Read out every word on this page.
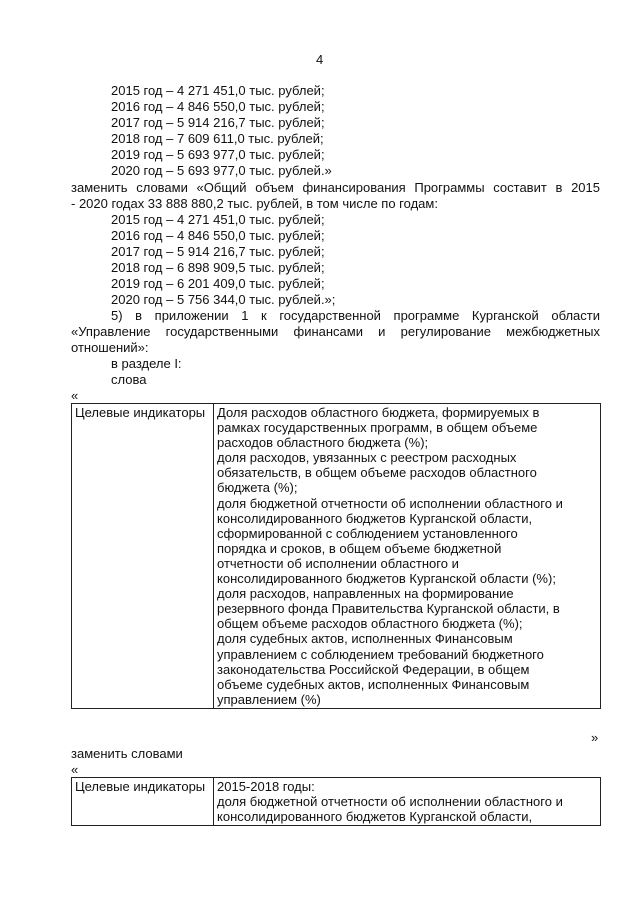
4
2015 год – 4 271 451,0 тыс. рублей;
2016 год – 4 846 550,0 тыс. рублей;
2017 год – 5 914 216,7 тыс. рублей;
2018 год – 7 609 611,0 тыс. рублей;
2019 год – 5 693 977,0 тыс. рублей;
2020 год – 5 693 977,0 тыс. рублей.»
заменить словами «Общий объем финансирования Программы составит в 2015
- 2020 годах 33 888 880,2 тыс. рублей, в том числе по годам:
2015 год – 4 271 451,0 тыс. рублей;
2016 год – 4 846 550,0 тыс. рублей;
2017 год – 5 914 216,7 тыс. рублей;
2018 год – 6 898 909,5 тыс. рублей;
2019 год – 6 201 409,0 тыс. рублей;
2020 год – 5 756 344,0 тыс. рублей.»;
5) в приложении 1 к государственной программе Курганской области
«Управление государственными финансами и регулирование межбюджетных
отношений»:
в разделе I:
слова
«
Целевые индикаторы	Доля расходов областного бюджета, формируемых в
рамках государственных программ, в общем объеме
расходов областного бюджета (%);
доля расходов, увязанных с реестром расходных
обязательств, в общем объеме расходов областного
бюджета (%);
доля бюджетной отчетности об исполнении областного и
консолидированного бюджетов Курганской области,
сформированной с соблюдением установленного
порядка и сроков, в общем объеме бюджетной
отчетности об исполнении областного и
консолидированного бюджетов Курганской области (%);
доля расходов, направленных на формирование
резервного фонда Правительства Курганской области, в
общем объеме расходов областного бюджета (%);
доля судебных актов, исполненных Финансовым
управлением с соблюдением требований бюджетного
законодательства Российской Федерации, в общем
объеме судебных актов, исполненных Финансовым
управлением (%)
»
заменить словами
«
Целевые индикаторы	2015-2018 годы:
доля бюджетной отчетности об исполнении областного и
консолидированного бюджетов Курганской области,
